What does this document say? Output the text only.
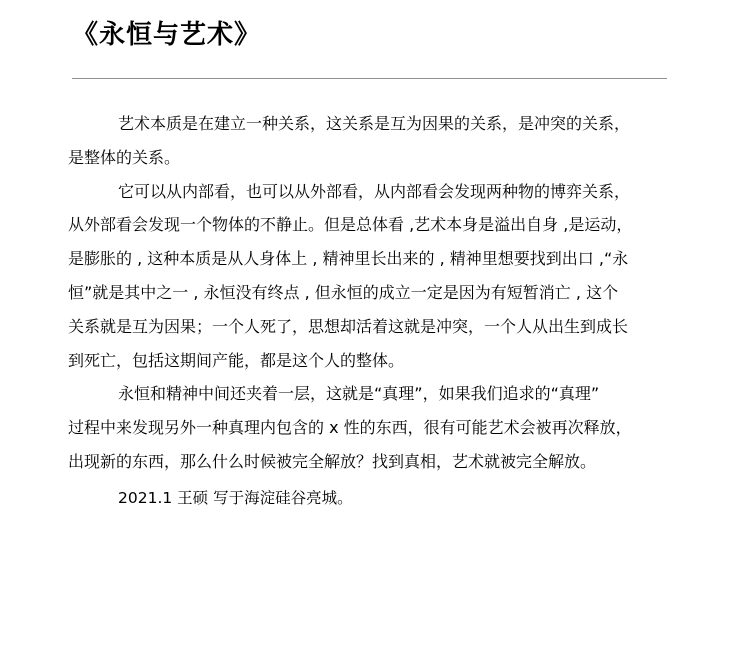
《永恒与艺术》
艺术本质是在建立一种关系，这关系是互为因果的关系，是冲突的关系，
是整体的关系。
它可以从内部看，也可以从外部看，从内部看会发现两种物的博弈关系，
从外部看会发现一个物体的不静止。但是总体看 ,艺术本身是溢出自身 ,是运动，
是膨胀的 , 这种本质是从人身体上 , 精神里长出来的 , 精神里想要找到出口 ,“永
恒”就是其中之一 , 永恒没有终点 , 但永恒的成立一定是因为有短暂消亡 , 这个
关系就是互为因果；一个人死了，思想却活着这就是冲突，一个人从出生到成长
到死亡，包括这期间产能，都是这个人的整体。
永恒和精神中间还夹着一层，这就是“真理”，如果我们追求的“真理”
过程中来发现另外一种真理内包含的 x 性的东西，很有可能艺术会被再次释放，
出现新的东西，那么什么时候被完全解放？找到真相，艺术就被完全解放。
2021.1 王硕 写于海淀硅谷亮城。
